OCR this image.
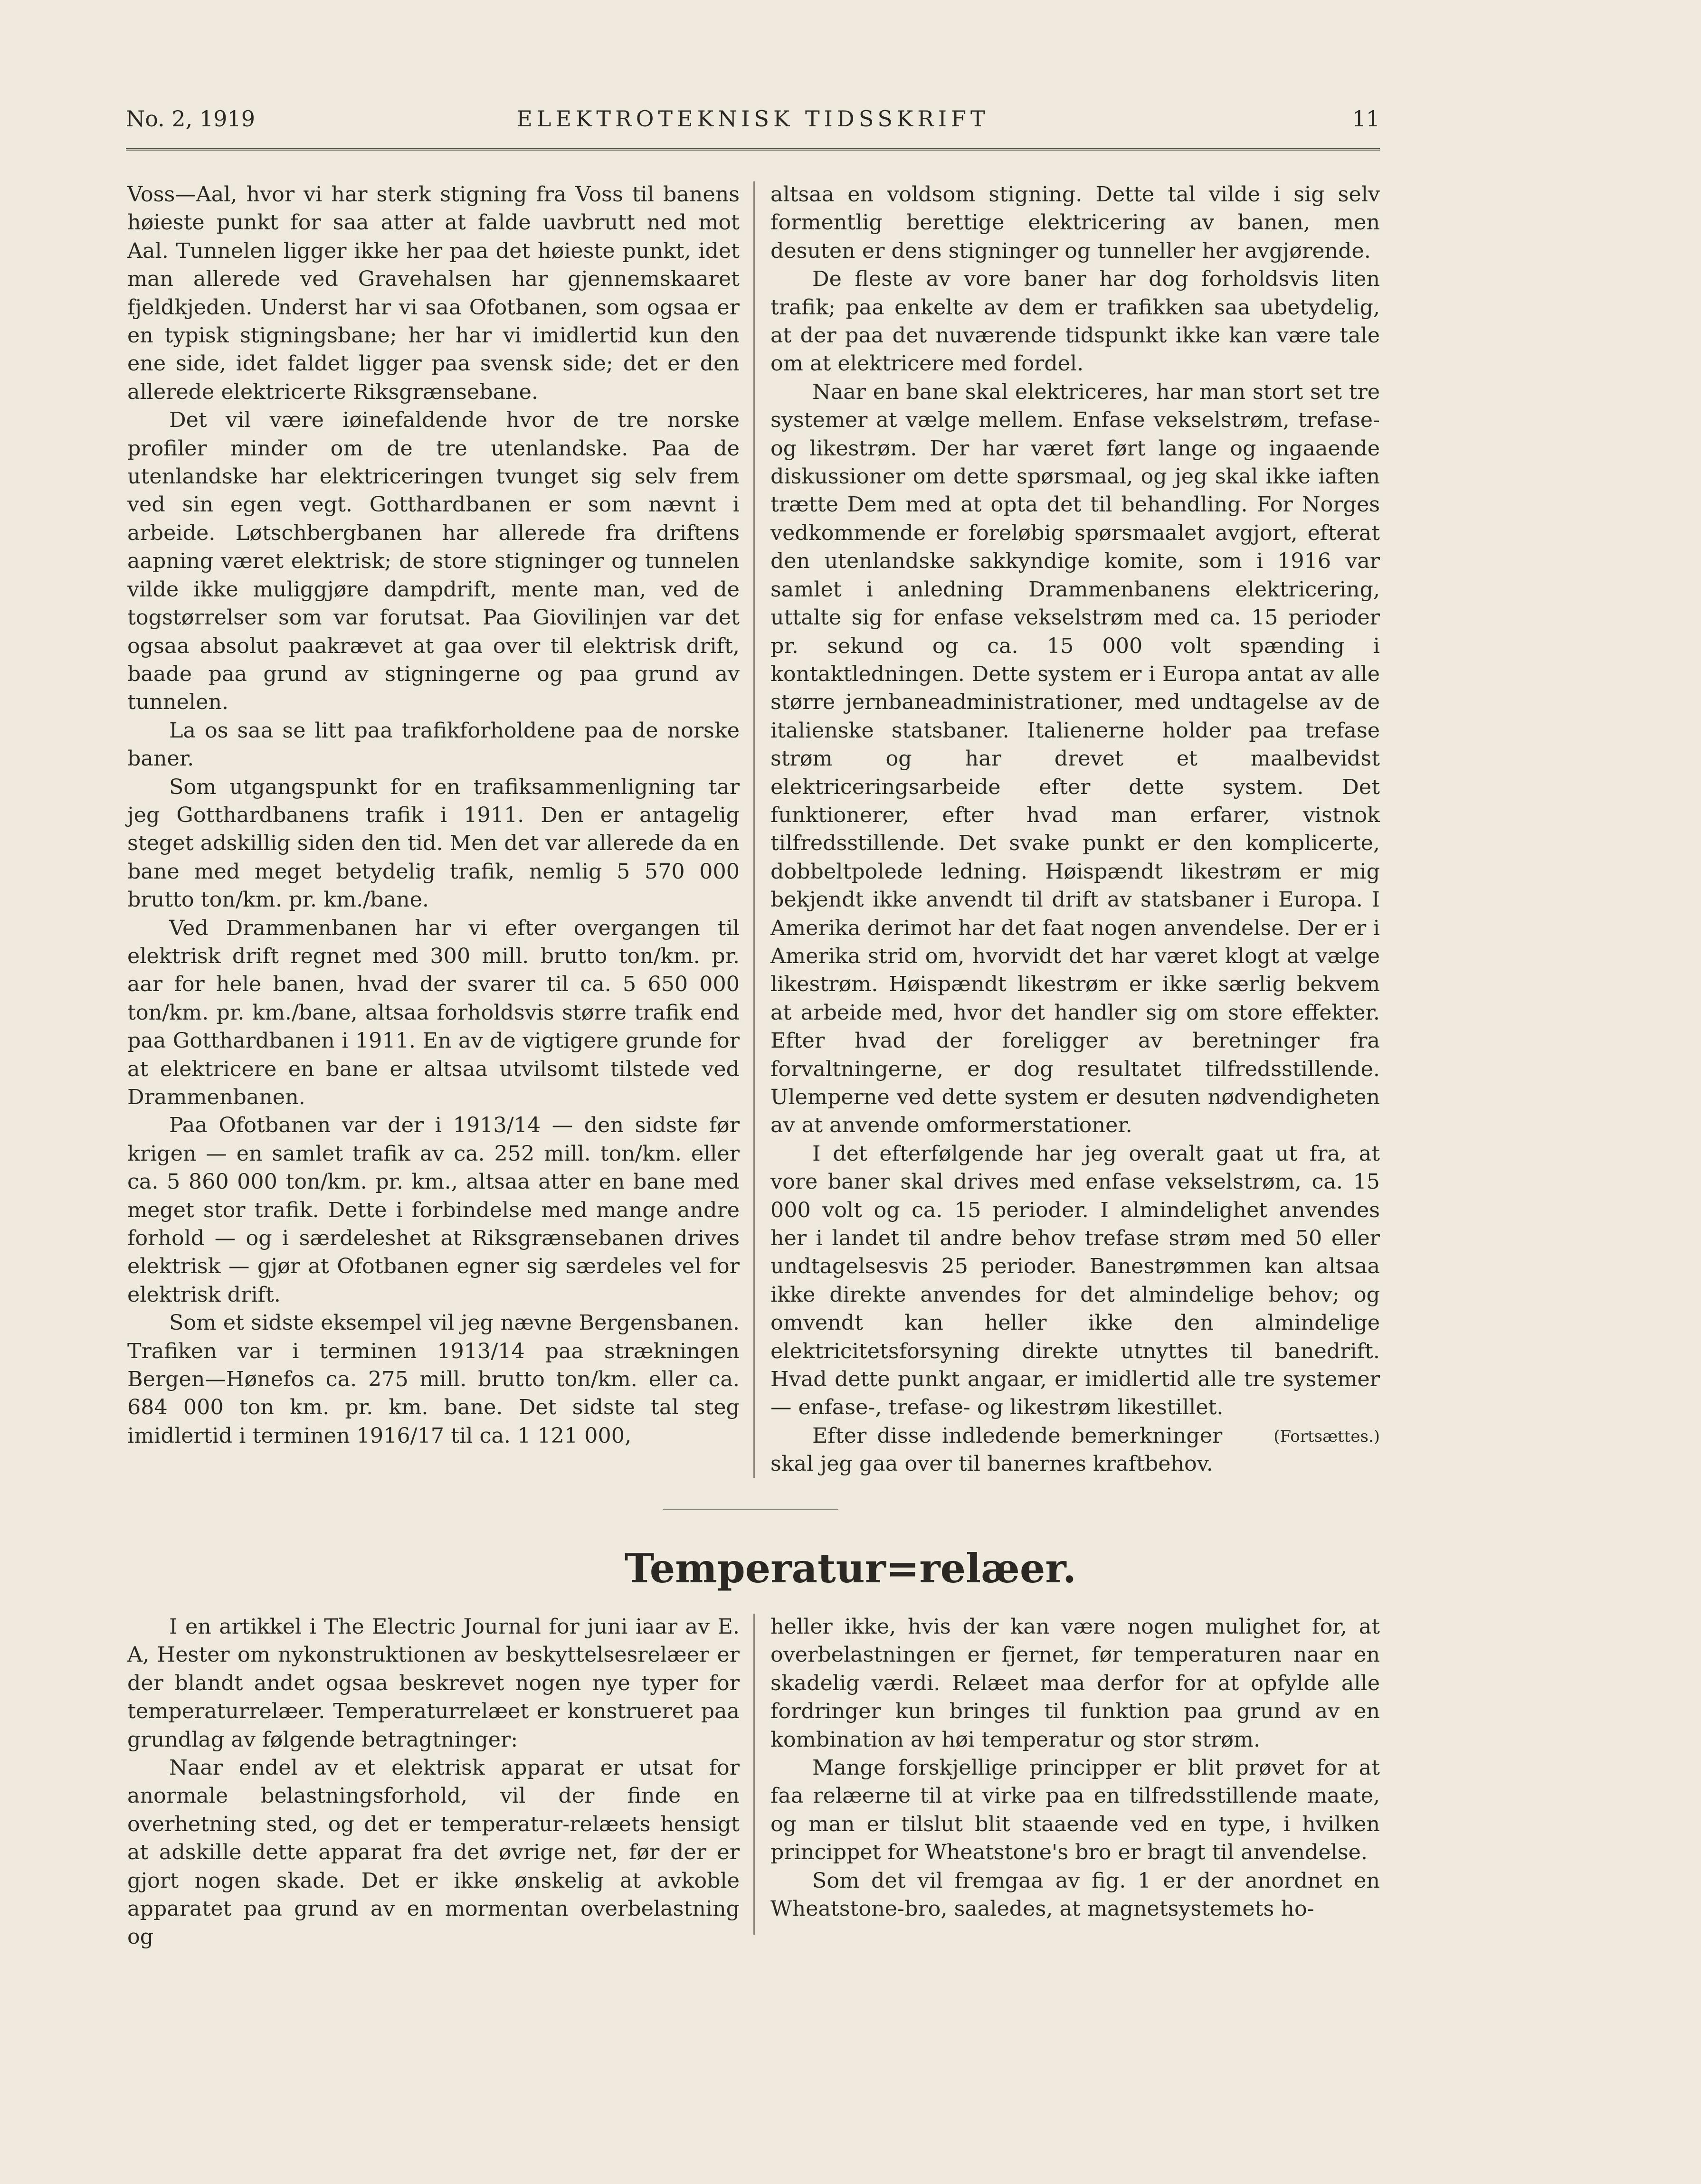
No. 2, 1919	ELEKTROTEKNISK TIDSSKRIFT	11

Voss—Aal, hvor vi har sterk stigning fra Voss til banens høieste punkt for saa atter at falde uavbrutt ned mot Aal. Tunnelen ligger ikke her paa det høieste punkt, idet man allerede ved Gravehalsen har gjennemskaaret fjeldkjeden. Underst har vi saa Ofotbanen, som ogsaa er en typisk stigningsbane; her har vi imidlertid kun den ene side, idet faldet ligger paa svensk side; det er den allerede elektricerte Riksgrænsebane.

Det vil være iøinefaldende hvor de tre norske profiler minder om de tre utenlandske. Paa de utenlandske har elektriceringen tvunget sig selv frem ved sin egen vegt. Gotthardbanen er som nævnt i arbeide. Løtschbergbanen har allerede fra driftens aapning været elektrisk; de store stigninger og tunnelen vilde ikke muliggjøre dampdrift, mente man, ved de togstørrelser som var forutsat. Paa Giovilinjen var det ogsaa absolut paakrævet at gaa over til elektrisk drift, baade paa grund av stigningerne og paa grund av tunnelen.

La os saa se litt paa trafikforholdene paa de norske baner.

Som utgangspunkt for en trafiksammenligning tar jeg Gotthardbanens trafik i 1911. Den er antagelig steget adskillig siden den tid. Men det var allerede da en bane med meget betydelig trafik, nemlig 5 570 000 brutto ton/km. pr. km./bane.

Ved Drammenbanen har vi efter overgangen til elektrisk drift regnet med 300 mill. brutto ton/km. pr. aar for hele banen, hvad der svarer til ca. 5 650 000 ton/km. pr. km./bane, altsaa forholdsvis større trafik end paa Gotthardbanen i 1911. En av de vigtigere grunde for at elektricere en bane er altsaa utvilsomt tilstede ved Drammenbanen.

Paa Ofotbanen var der i 1913/14 — den sidste før krigen — en samlet trafik av ca. 252 mill. ton/km. eller ca. 5 860 000 ton/km. pr. km., altsaa atter en bane med meget stor trafik. Dette i forbindelse med mange andre forhold — og i særdeleshet at Riksgrænsebanen drives elektrisk — gjør at Ofotbanen egner sig særdeles vel for elektrisk drift.

Som et sidste eksempel vil jeg nævne Bergensbanen. Trafiken var i terminen 1913/14 paa strækningen Bergen—Hønefos ca. 275 mill. brutto ton/km. eller ca. 684 000 ton km. pr. km. bane. Det sidste tal steg imidlertid i terminen 1916/17 til ca. 1 121 000,

altsaa en voldsom stigning. Dette tal vilde i sig selv formentlig berettige elektricering av banen, men desuten er dens stigninger og tunneller her avgjørende.

De fleste av vore baner har dog forholdsvis liten trafik; paa enkelte av dem er trafikken saa ubetydelig, at der paa det nuværende tidspunkt ikke kan være tale om at elektricere med fordel.

Naar en bane skal elektriceres, har man stort set tre systemer at vælge mellem. Enfase vekselstrøm, trefase- og likestrøm. Der har været ført lange og ingaaende diskussioner om dette spørsmaal, og jeg skal ikke iaften trætte Dem med at opta det til behandling. For Norges vedkommende er foreløbig spørsmaalet avgjort, efterat den utenlandske sakkyndige komite, som i 1916 var samlet i anledning Drammenbanens elektricering, uttalte sig for enfase vekselstrøm med ca. 15 perioder pr. sekund og ca. 15 000 volt spænding i kontaktledningen. Dette system er i Europa antat av alle større jernbaneadministrationer, med undtagelse av de italienske statsbaner. Italienerne holder paa trefase strøm og har drevet et maalbevidst elektriceringsarbeide efter dette system. Det funktionerer, efter hvad man erfarer, vistnok tilfredsstillende. Det svake punkt er den komplicerte, dobbeltpolede ledning. Høispændt likestrøm er mig bekjendt ikke anvendt til drift av statsbaner i Europa. I Amerika derimot har det faat nogen anvendelse. Der er i Amerika strid om, hvorvidt det har været klogt at vælge likestrøm. Høispændt likestrøm er ikke særlig bekvem at arbeide med, hvor det handler sig om store effekter. Efter hvad der foreligger av beretninger fra forvaltningerne, er dog resultatet tilfredsstillende. Ulemperne ved dette system er desuten nødvendigheten av at anvende omformerstationer.

I det efterfølgende har jeg overalt gaat ut fra, at vore baner skal drives med enfase vekselstrøm, ca. 15 000 volt og ca. 15 perioder. I almindelighet anvendes her i landet til andre behov trefase strøm med 50 eller undtagelsesvis 25 perioder. Banestrømmen kan altsaa ikke direkte anvendes for det almindelige behov; og omvendt kan heller ikke den almindelige elektricitetsforsyning direkte utnyttes til banedrift. Hvad dette punkt angaar, er imidlertid alle tre systemer — enfase-, trefase- og likestrøm likestillet.

(Fortsættes.)
Efter disse indledende bemerkninger skal jeg gaa over til banernes kraftbehov.

Temperatur=relæer.

I en artikkel i The Electric Journal for juni iaar av E. A, Hester om nykonstruktionen av beskyttelsesrelæer er der blandt andet ogsaa beskrevet nogen nye typer for temperaturrelæer. Temperaturrelæet er konstrueret paa grundlag av følgende betragtninger:

Naar endel av et elektrisk apparat er utsat for anormale belastningsforhold, vil der finde en overhetning sted, og det er temperatur-relæets hensigt at adskille dette apparat fra det øvrige net, før der er gjort nogen skade. Det er ikke ønskelig at avkoble apparatet paa grund av en mormentan overbelastning og

heller ikke, hvis der kan være nogen mulighet for, at overbelastningen er fjernet, før temperaturen naar en skadelig værdi. Relæet maa derfor for at opfylde alle fordringer kun bringes til funktion paa grund av en kombination av høi temperatur og stor strøm.

Mange forskjellige principper er blit prøvet for at faa relæerne til at virke paa en tilfredsstillende maate, og man er tilslut blit staaende ved en type, i hvilken princippet for Wheatstone's bro er bragt til anvendelse.

Som det vil fremgaa av fig. 1 er der anordnet en Wheatstone-bro, saaledes, at magnetsystemets ho-
